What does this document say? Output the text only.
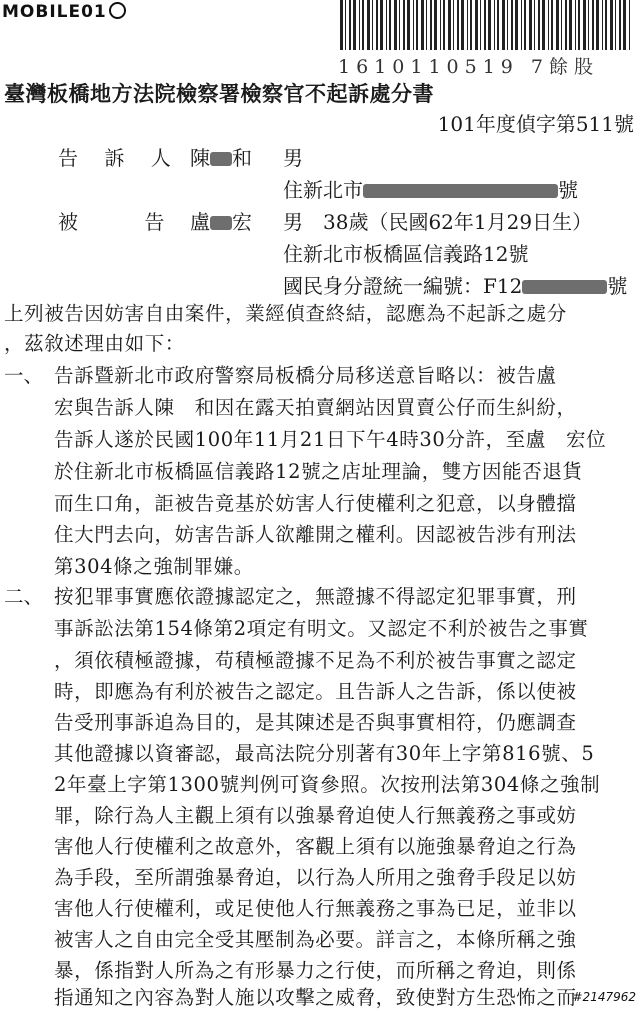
MOBILE01
1610110519 7餘股
臺灣板橋地方法院檢察署檢察官不起訴處分書
101年度偵字第511號
告 訴 人 陳 和 男
住新北市	號
被 告 盧 宏 男　38歲（民國62年1月29日生）
住新北市板橋區信義路12號
國民身分證統一編號：F12	號
上列被告因妨害自由案件，業經偵查終結，認應為不起訴之處分
，茲敘述理由如下：
一、 告訴暨新北市政府警察局板橋分局移送意旨略以：被告盧
宏與告訴人陳　和因在露天拍賣網站因買賣公仔而生糾紛，
告訴人遂於民國100年11月21日下午4時30分許，至盧　宏位
於住新北市板橋區信義路12號之店址理論，雙方因能否退貨
而生口角，詎被告竟基於妨害人行使權利之犯意，以身體擋
住大門去向，妨害告訴人欲離開之權利。因認被告涉有刑法
第304條之強制罪嫌。
二、 按犯罪事實應依證據認定之，無證據不得認定犯罪事實，刑
事訴訟法第154條第2項定有明文。又認定不利於被告之事實
，須依積極證據，苟積極證據不足為不利於被告事實之認定
時，即應為有利於被告之認定。且告訴人之告訴，係以使被
告受刑事訴追為目的，是其陳述是否與事實相符，仍應調查
其他證據以資審認，最高法院分別著有30年上字第816號、5
2年臺上字第1300號判例可資參照。次按刑法第304條之強制
罪，除行為人主觀上須有以強暴脅迫使人行無義務之事或妨
害他人行使權利之故意外，客觀上須有以施強暴脅迫之行為
為手段，至所謂強暴脅迫，以行為人所用之強脅手段足以妨
害他人行使權利，或足使他人行無義務之事為已足，並非以
被害人之自由完全受其壓制為必要。詳言之，本條所稱之強
暴，係指對人所為之有形暴力之行使，而所稱之脅迫，則係
指通知之內容為對人施以攻擊之威脅，致使對方生恐怖之而
#2147962
